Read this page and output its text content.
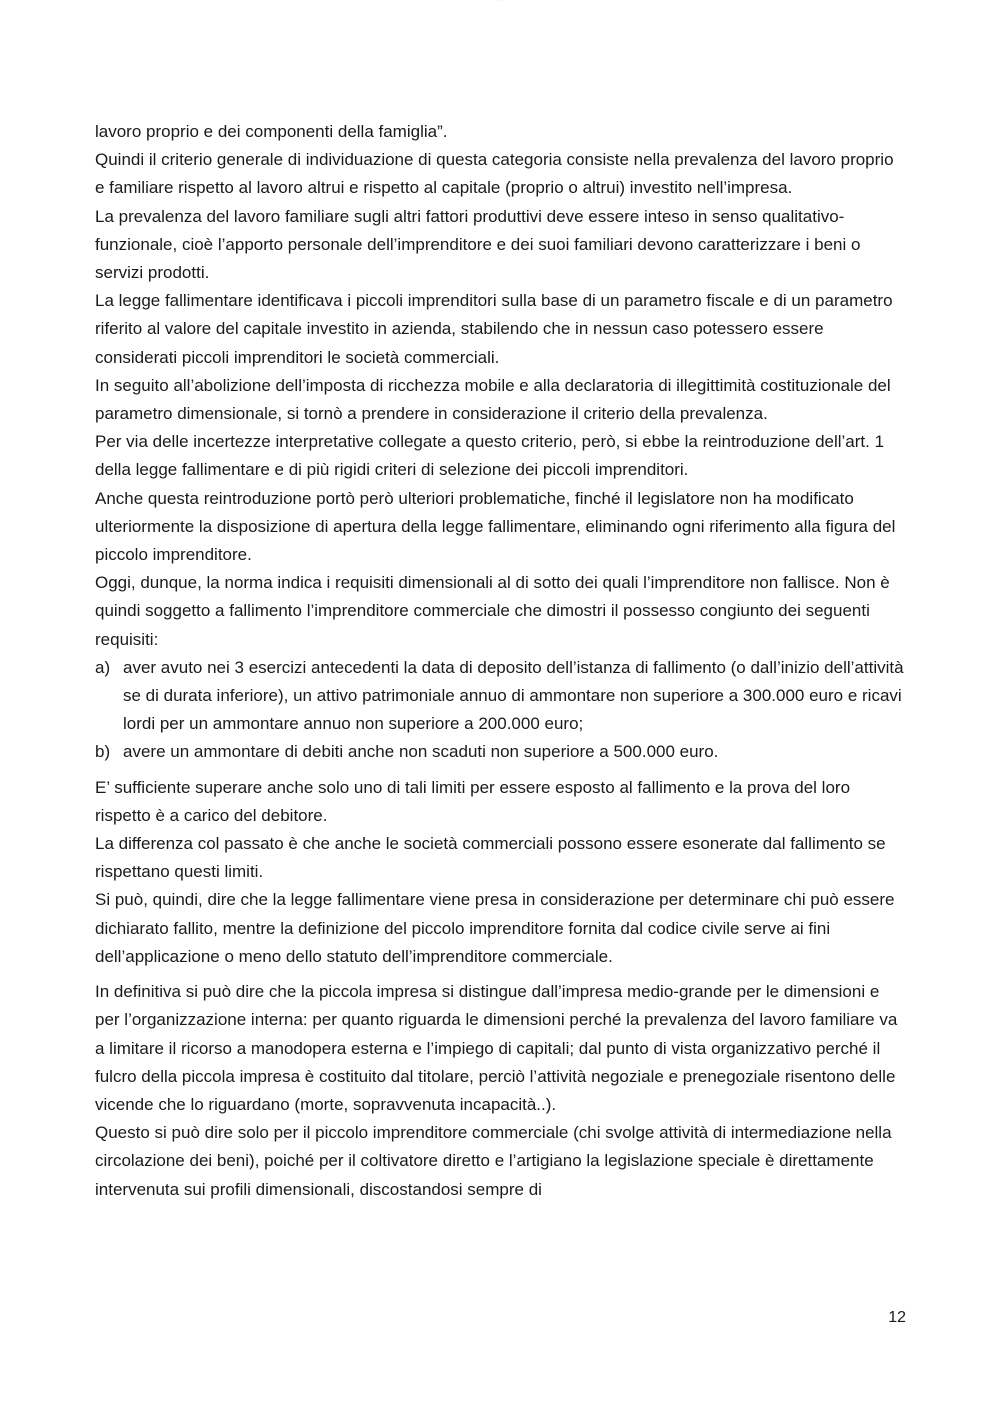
..........

lavoro proprio e dei componenti della famiglia”.

Quindi il criterio generale di individuazione di questa categoria consiste nella prevalenza del lavoro proprio e familiare rispetto al lavoro altrui e rispetto al capitale (proprio o altrui) investito nell’impresa.

La prevalenza del lavoro familiare sugli altri fattori produttivi deve essere inteso in senso qualitativo-funzionale, cioè l’apporto personale dell’imprenditore e dei suoi familiari devono caratterizzare i beni o servizi prodotti.

La legge fallimentare identificava i piccoli imprenditori sulla base di un parametro fiscale e di un parametro riferito al valore del capitale investito in azienda, stabilendo che in nessun caso potessero essere considerati piccoli imprenditori le società commerciali.

In seguito all’abolizione dell’imposta di ricchezza mobile e alla declaratoria di illegittimità costituzionale del parametro dimensionale, si tornò a prendere in considerazione il criterio della prevalenza.

Per via delle incertezze interpretative collegate a questo criterio, però, si ebbe la reintroduzione dell’art. 1 della legge fallimentare e di più rigidi criteri di selezione dei piccoli imprenditori.

Anche questa reintroduzione portò però ulteriori problematiche, finché il legislatore non ha modificato ulteriormente la disposizione di apertura della legge fallimentare, eliminando ogni riferimento alla figura del piccolo imprenditore.

Oggi, dunque, la norma indica i requisiti dimensionali al di sotto dei quali l’imprenditore non fallisce. Non è quindi soggetto a fallimento l’imprenditore commerciale che dimostri il possesso congiunto dei seguenti requisiti:

a) aver avuto nei 3 esercizi antecedenti la data di deposito dell’istanza di fallimento (o dall’inizio dell’attività se di durata inferiore), un attivo patrimoniale annuo di ammontare non superiore a 300.000 euro e ricavi lordi per un ammontare annuo non superiore a 200.000 euro;
b) avere un ammontare di debiti anche non scaduti non superiore a 500.000 euro.

E’ sufficiente superare anche solo uno di tali limiti per essere esposto al fallimento e la prova del loro rispetto è a carico del debitore.

La differenza col passato è che anche le società commerciali possono essere esonerate dal fallimento se rispettano questi limiti.

Si può, quindi, dire che la legge fallimentare viene presa in considerazione per determinare chi può essere dichiarato fallito, mentre la definizione del piccolo imprenditore fornita dal codice civile serve ai fini dell’applicazione o meno dello statuto dell’imprenditore commerciale.

In definitiva si può dire che la piccola impresa si distingue dall’impresa medio-grande per le dimensioni e per l’organizzazione interna: per quanto riguarda le dimensioni perché la prevalenza del lavoro familiare va a limitare il ricorso a manodopera esterna e l’impiego di capitali; dal punto di vista organizzativo perché il fulcro della piccola impresa è costituito dal titolare, perciò l’attività negoziale e prenegoziale risentono delle vicende che lo riguardano (morte, sopravvenuta incapacità..).

Questo si può dire solo per il piccolo imprenditore commerciale (chi svolge attività di intermediazione nella circolazione dei beni), poiché per il coltivatore diretto e l’artigiano la legislazione speciale è direttamente intervenuta sui profili dimensionali, discostandosi sempre di

12
